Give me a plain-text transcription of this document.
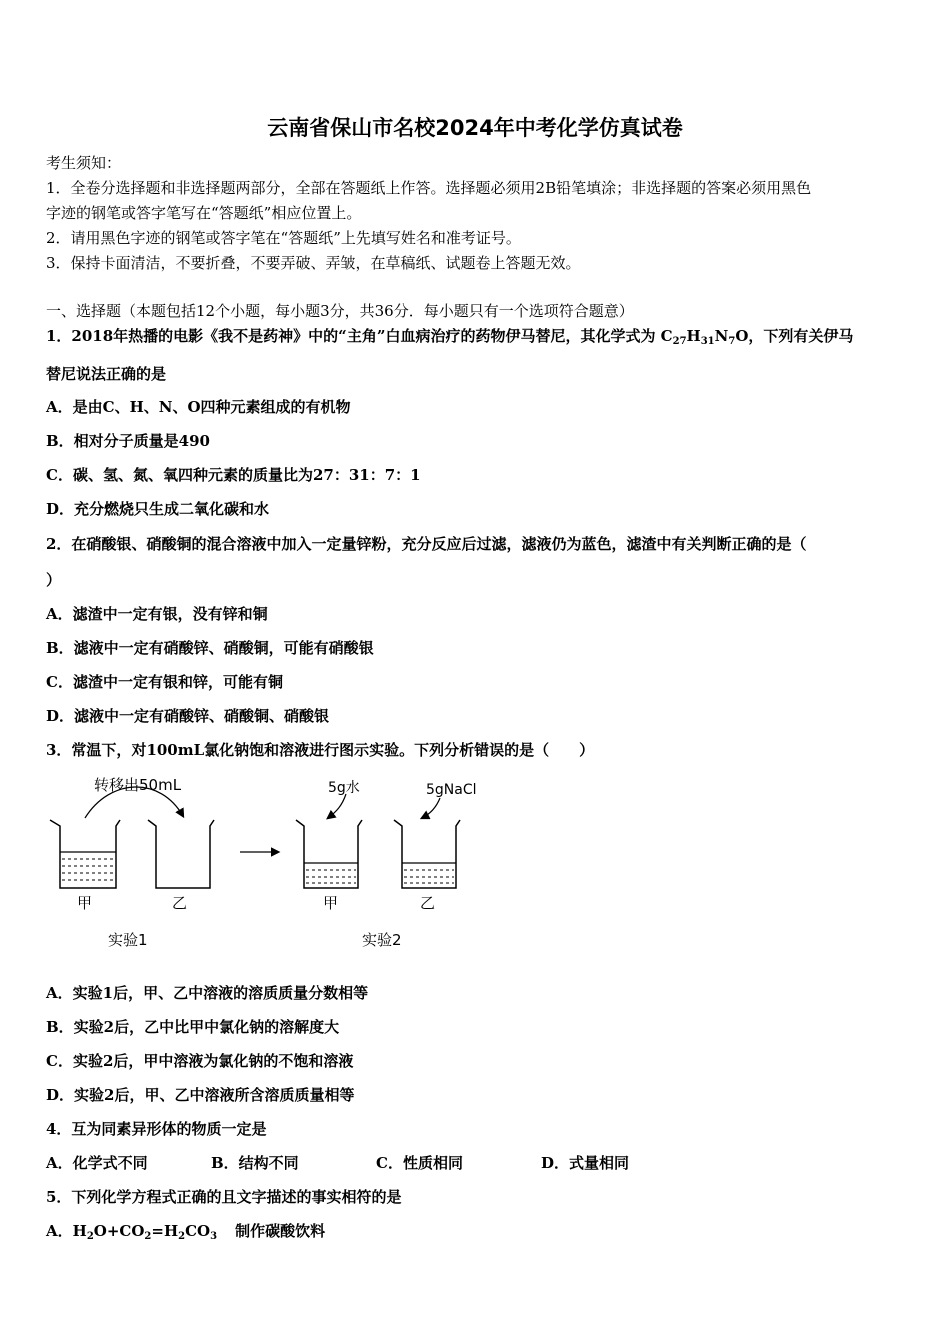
云南省保山市名校2024年中考化学仿真试卷
考生须知：
1．全卷分选择题和非选择题两部分，全部在答题纸上作答。选择题必须用2B铅笔填涂；非选择题的答案必须用黑色
字迹的钢笔或答字笔写在“答题纸”相应位置上。
2．请用黑色字迹的钢笔或答字笔在“答题纸”上先填写姓名和准考证号。
3．保持卡面清洁，不要折叠，不要弄破、弄皱，在草稿纸、试题卷上答题无效。
一、选择题（本题包括12个小题，每小题3分，共36分．每小题只有一个选项符合题意）
1．2018年热播的电影《我不是药神》中的“主角”白血病治疗的药物伊马替尼，其化学式为 $C_{27}H_{31}N_7O$，下列有关伊马
替尼说法正确的是
A．是由C、H、N、O四种元素组成的有机物
B．相对分子质量是490
C．碳、氢、氮、氧四种元素的质量比为27：31：7：1
D．充分燃烧只生成二氧化碳和水
2．在硝酸银、硝酸铜的混合溶液中加入一定量锌粉，充分反应后过滤，滤液仍为蓝色，滤渣中有关判断正确的是（
）
A．滤渣中一定有银，没有锌和铜
B．滤液中一定有硝酸锌、硝酸铜，可能有硝酸银
C．滤渣中一定有银和锌，可能有铜
D．滤液中一定有硝酸锌、硝酸铜、硝酸银
3．常温下，对100mL氯化钠饱和溶液进行图示实验。下列分析错误的是（　　）
转移出50mL
甲	乙
实验1
5g水	5gNaCl
甲	乙
实验2
A．实验1后，甲、乙中溶液的溶质质量分数相等
B．实验2后，乙中比甲中氯化钠的溶解度大
C．实验2后，甲中溶液为氯化钠的不饱和溶液
D．实验2后，甲、乙中溶液所含溶质质量相等
4．互为同素异形体的物质一定是
A．化学式不同	B．结构不同	C．性质相同	D．式量相同
5．下列化学方程式正确的且文字描述的事实相符的是
A．$H_2O+CO_2=H_2CO_3$ 制作碳酸饮料
